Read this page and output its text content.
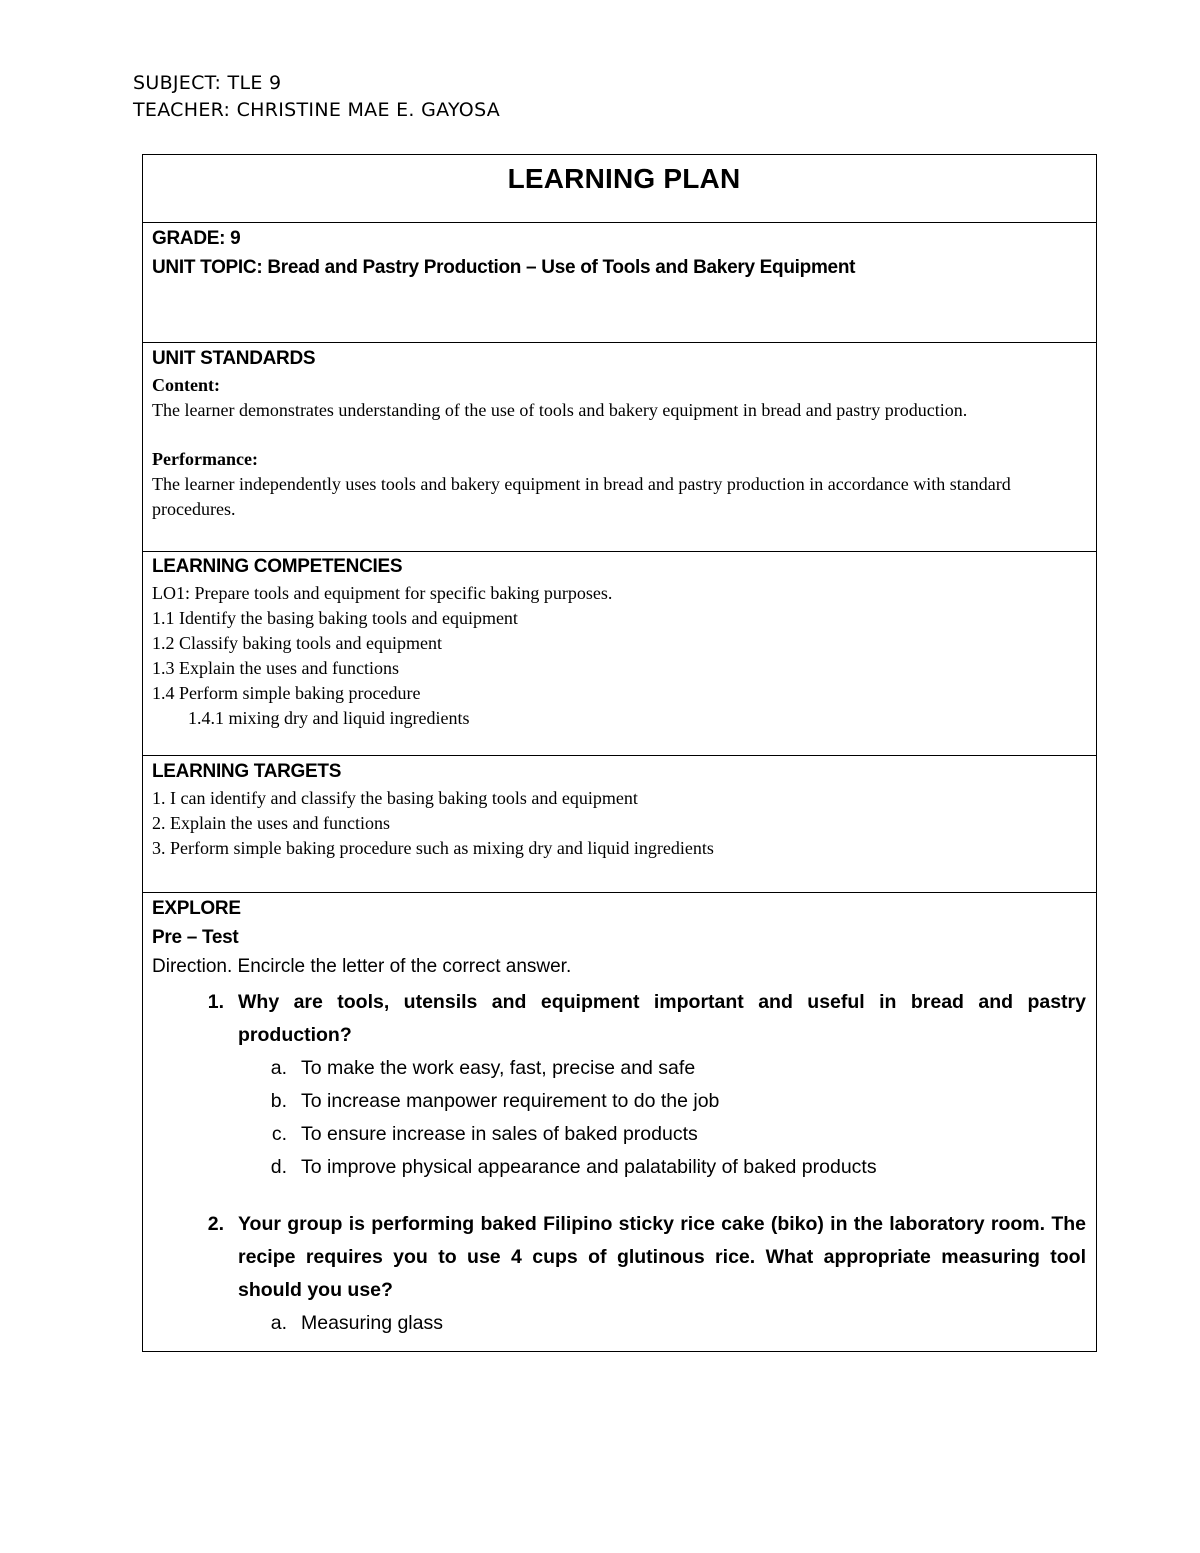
SUBJECT: TLE 9
TEACHER: CHRISTINE MAE E. GAYOSA
LEARNING PLAN

GRADE: 9
UNIT TOPIC: Bread and Pastry Production – Use of Tools and Bakery Equipment

UNIT STANDARDS
Content:
The learner demonstrates understanding of the use of tools and bakery equipment in bread and pastry production.
Performance:
The learner independently uses tools and bakery equipment in bread and pastry production in accordance with standard procedures.

LEARNING COMPETENCIES
LO1: Prepare tools and equipment for specific baking purposes.
1.1 Identify the basing baking tools and equipment
1.2 Classify baking tools and equipment
1.3 Explain the uses and functions
1.4 Perform simple baking procedure
1.4.1 mixing dry and liquid ingredients

LEARNING TARGETS
1. I can identify and classify the basing baking tools and equipment
2. Explain the uses and functions
3. Perform simple baking procedure such as mixing dry and liquid ingredients

EXPLORE
Pre – Test
Direction. Encircle the letter of the correct answer.
1. Why are tools, utensils and equipment important and useful in bread and pastry production?
a. To make the work easy, fast, precise and safe
b. To increase manpower requirement to do the job
c. To ensure increase in sales of baked products
d. To improve physical appearance and palatability of baked products
2. Your group is performing baked Filipino sticky rice cake (biko) in the laboratory room. The recipe requires you to use 4 cups of glutinous rice. What appropriate measuring tool should you use?
a. Measuring glass
